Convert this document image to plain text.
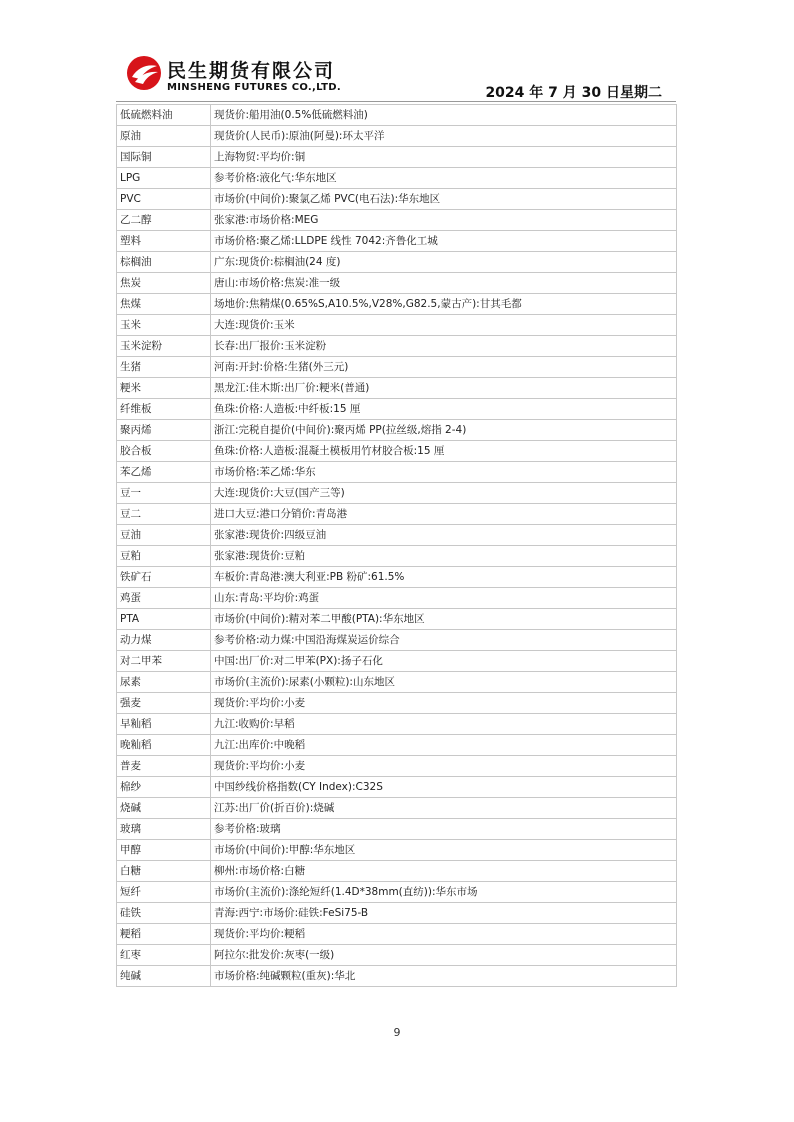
民生期货有限公司
MINSHENG FUTURES CO.,LTD.	2024 年 7 月 30 日星期二
低硫燃料油	现货价:船用油(0.5%低硫燃料油)
原油	现货价(人民币):原油(阿曼):环太平洋
国际铜	上海物贸:平均价:铜
LPG	参考价格:液化气:华东地区
PVC	市场价(中间价):聚氯乙烯 PVC(电石法):华东地区
乙二醇	张家港:市场价格:MEG
塑料	市场价格:聚乙烯:LLDPE 线性 7042:齐鲁化工城
棕榈油	广东:现货价:棕榈油(24 度)
焦炭	唐山:市场价格:焦炭:准一级
焦煤	场地价:焦精煤(0.65%S,A10.5%,V28%,G82.5,蒙古产):甘其毛都
玉米	大连:现货价:玉米
玉米淀粉	长春:出厂报价:玉米淀粉
生猪	河南:开封:价格:生猪(外三元)
粳米	黑龙江:佳木斯:出厂价:粳米(普通)
纤维板	鱼珠:价格:人造板:中纤板:15 厘
聚丙烯	浙江:完税自提价(中间价):聚丙烯 PP(拉丝级,熔指 2-4)
胶合板	鱼珠:价格:人造板:混凝土模板用竹材胶合板:15 厘
苯乙烯	市场价格:苯乙烯:华东
豆一	大连:现货价:大豆(国产三等)
豆二	进口大豆:港口分销价:青岛港
豆油	张家港:现货价:四级豆油
豆粕	张家港:现货价:豆粕
铁矿石	车板价:青岛港:澳大利亚:PB 粉矿:61.5%
鸡蛋	山东:青岛:平均价:鸡蛋
PTA	市场价(中间价):精对苯二甲酸(PTA):华东地区
动力煤	参考价格:动力煤:中国沿海煤炭运价综合
对二甲苯	中国:出厂价:对二甲苯(PX):扬子石化
尿素	市场价(主流价):尿素(小颗粒):山东地区
强麦	现货价:平均价:小麦
早籼稻	九江:收购价:早稻
晚籼稻	九江:出库价:中晚稻
普麦	现货价:平均价:小麦
棉纱	中国纱线价格指数(CY Index):C32S
烧碱	江苏:出厂价(折百价):烧碱
玻璃	参考价格:玻璃
甲醇	市场价(中间价):甲醇:华东地区
白糖	柳州:市场价格:白糖
短纤	市场价(主流价):涤纶短纤(1.4D*38mm(直纺)):华东市场
硅铁	青海:西宁:市场价:硅铁:FeSi75-B
粳稻	现货价:平均价:粳稻
红枣	阿拉尔:批发价:灰枣(一级)
纯碱	市场价格:纯碱颗粒(重灰):华北
9
